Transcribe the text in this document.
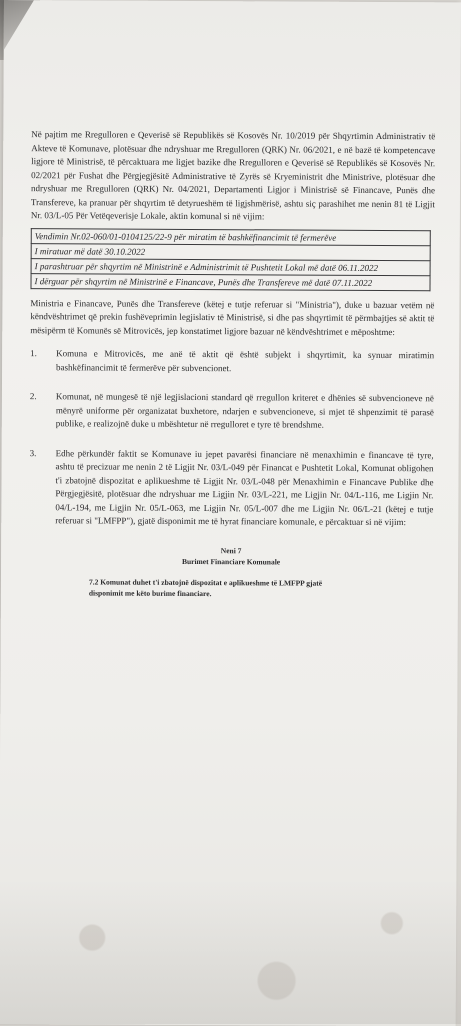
Në pajtim me Rregulloren e Qeverisë së Republikës së Kosovës Nr. 10/2019 për Shqyrtimin Administrativ të Akteve të Komunave, plotësuar dhe ndryshuar me Rregulloren (QRK) Nr. 06/2021, e në bazë të kompetencave ligjore të Ministrisë, të përcaktuara me ligjet bazike dhe Rregulloren e Qeverisë së Republikës së Kosovës Nr. 02/2021 për Fushat dhe Përgjegjësitë Administrative të Zyrës së Kryeministrit dhe Ministrive, plotësuar dhe ndryshuar me Rregulloren (QRK) Nr. 04/2021, Departamenti Ligjor i Ministrisë së Financave, Punës dhe Transfereve, ka pranuar për shqyrtim të detyrueshëm të ligjshmërisë, ashtu siç parashihet me nenin 81 të Ligjit Nr. 03/L-05 Për Vetëqeverisje Lokale, aktin komunal si në vijim:

Vendimin Nr.02-060/01-0104125/22-9 për miratim të bashkëfinancimit të fermerëve
I miratuar më datë 30.10.2022
I parashtruar për shqyrtim në Ministrinë e Administrimit të Pushtetit Lokal më datë 06.11.2022
I dërguar për shqyrtim në Ministrinë e Financave, Punës dhe Transfereve më datë 07.11.2022

Ministria e Financave, Punës dhe Transfereve (këtej e tutje referuar si "Ministria"), duke u bazuar vetëm në këndvështrimet që prekin fushëveprimin legjislativ të Ministrisë, si dhe pas shqyrtimit të përmbajtjes së aktit të mësipërm të Komunës së Mitrovicës, jep konstatimet ligjore bazuar në këndvështrimet e mëposhtme:

1.	Komuna e Mitrovicës, me anë të aktit që është subjekt i shqyrtimit, ka synuar miratimin bashkëfinancimit të fermerëve për subvencionet.

2.	Komunat, në mungesë të një legjislacioni standard që rregullon kriteret e dhënies së subvencioneve në mënyrë uniforme për organizatat buxhetore, ndarjen e subvencioneve, si mjet të shpenzimit të parasë publike, e realizojnë duke u mbështetur në rregulloret e tyre të brendshme.

3.	Edhe përkundër faktit se Komunave iu jepet pavarësi financiare në menaxhimin e financave të tyre, ashtu të precizuar me nenin 2 të Ligjit Nr. 03/L-049 për Financat e Pushtetit Lokal, Komunat obligohen t'i zbatojnë dispozitat e aplikueshme të Ligjit Nr. 03/L-048 për Menaxhimin e Financave Publike dhe Përgjegjësitë, plotësuar dhe ndryshuar me Ligjin Nr. 03/L-221, me Ligjin Nr. 04/L-116, me Ligjin Nr. 04/L-194, me Ligjin Nr. 05/L-063, me Ligjin Nr. 05/L-007 dhe me Ligjin Nr. 06/L-21 (këtej e tutje referuar si "LMFPP"), gjatë disponimit me të hyrat financiare komunale, e përcaktuar si në vijim:

Neni 7
Burimet Financiare Komunale

7.2 Komunat duhet t'i zbatojnë dispozitat e aplikueshme të LMFPP gjatë disponimit me këto burime financiare.
